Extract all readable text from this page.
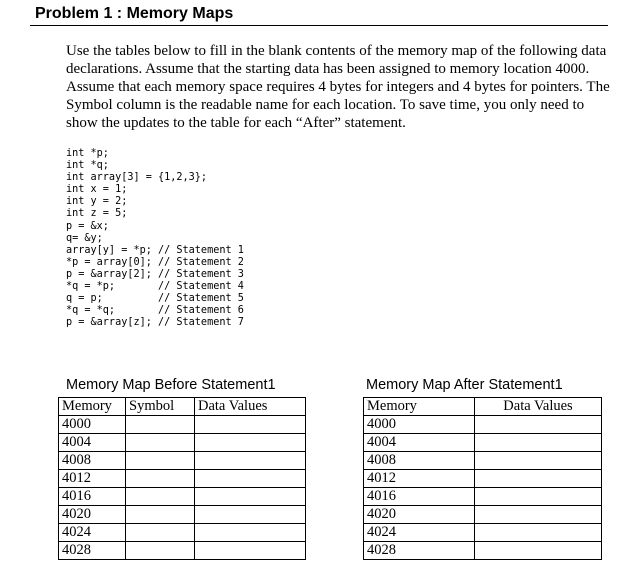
Problem 1 : Memory Maps

Use the tables below to fill in the blank contents of the memory map of the following data declarations. Assume that the starting data has been assigned to memory location 4000. Assume that each memory space requires 4 bytes for integers and 4 bytes for pointers. The Symbol column is the readable name for each location. To save time, you only need to show the updates to the table for each “After” statement.

int *p;
int *q;
int array[3] = {1,2,3};
int x = 1;
int y = 2;
int z = 5;
p = &x;
q= &y;
array[y] = *p; // Statement 1
*p = array[0]; // Statement 2
p = &array[2]; // Statement 3
*q = *p;       // Statement 4
q = p;         // Statement 5
*q = *q;       // Statement 6
p = &array[z]; // Statement 7
Memory Map Before Statement1	Memory Map After Statement1
Memory	Symbol	Data Values
4000		
4004		
4008		
4012		
4016		
4020		
4024		
4028		
Memory	Data Values
4000	
4004	
4008	
4012	
4016	
4020	
4024	
4028	
